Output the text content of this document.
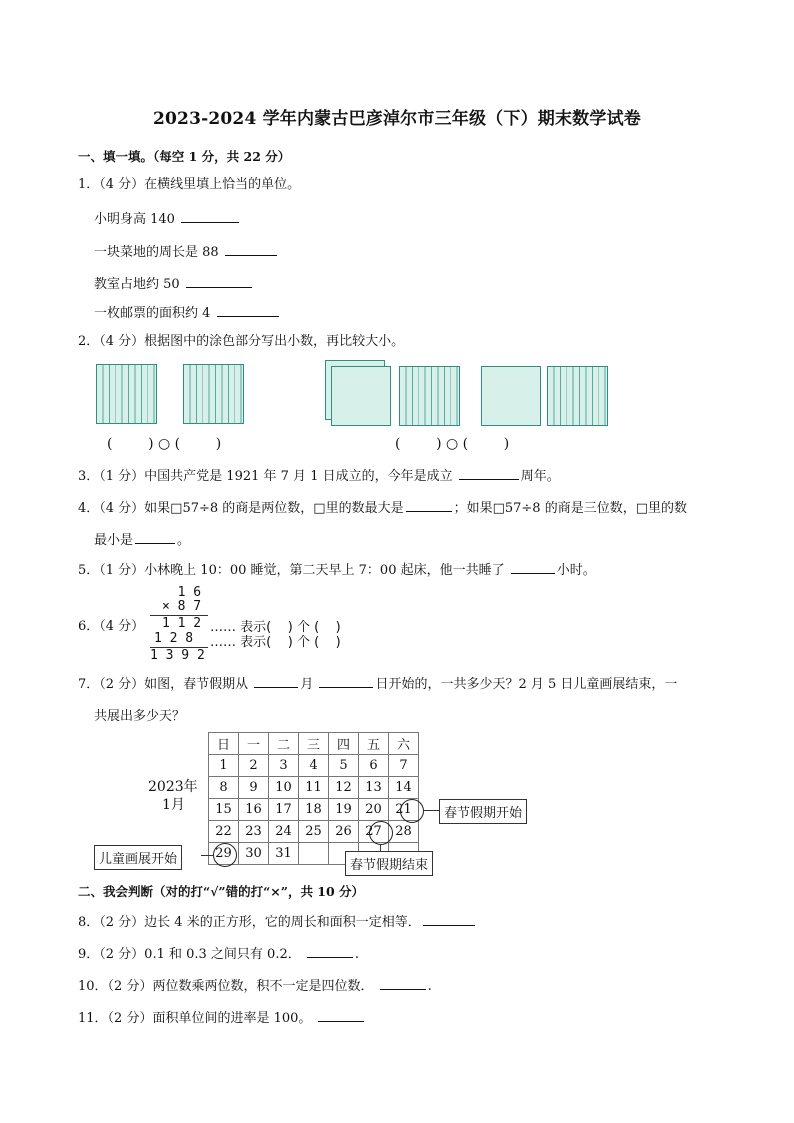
2023-2024 学年内蒙古巴彦淖尔市三年级（下）期末数学试卷
一、填一填。（每空 1 分，共 22 分）
1．（4 分）在横线里填上恰当的单位。
小明身高 140
一块菜地的周长是 88
教室占地约 50
一枚邮票的面积约 4
2．（4 分）根据图中的涂色部分写出小数，再比较大小。
(        ) ○ (        )	(        ) ○ (        )
3．（1 分）中国共产党是 1921 年 7 月 1 日成立的，今年是成立	周年。
4．（4 分）如果□57÷8 的商是两位数，□里的数最大是	；如果□57÷8 的商是三位数，□里的数
最小是	。
5．（1 分）小林晚上 10：00 睡觉，第二天早上 7：00 起床，他一共睡了	小时。
6．（4 分）
1 6
× 8 7
1 1 2
1 2 8
1 3 9 2
…… 表示(    ) 个 (    )
…… 表示(    ) 个 (    )
7．（2 分）如图，春节假期从	月	日开始的，一共多少天？2 月 5 日儿童画展结束，一
共展出多少天？
2023年
1月
日	一	二	三	四	五	六
1	2	3	4	5	6	7
8	9	10	11	12	13	14
15	16	17	18	19	20	21
22	23	24	25	26	27	28
29	30	31				
春节假期开始
春节假期结束
儿童画展开始
二、我会判断（对的打“√”错的打“×”，共 10 分）
8．（2 分）边长 4 米的正方形，它的周长和面积一定相等．
9．（2 分）0.1 和 0.3 之间只有 0.2．	.
10．（2 分）两位数乘两位数，积不一定是四位数．	.
11．（2 分）面积单位间的进率是 100。
